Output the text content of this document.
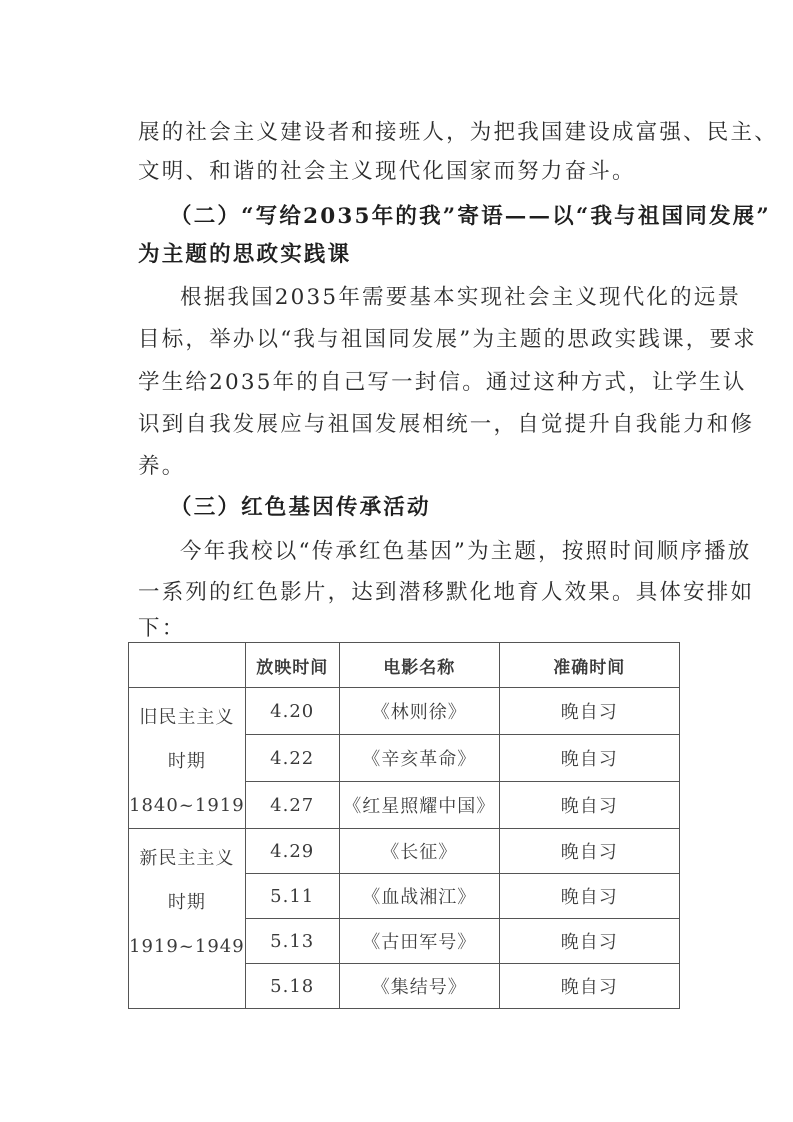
展的社会主义建设者和接班人，为把我国建设成富强、民主、
文明、和谐的社会主义现代化国家而努力奋斗。
（二）“写给2035年的我”寄语——以“我与祖国同发展”
为主题的思政实践课
根据我国2035年需要基本实现社会主义现代化的远景
目标，举办以“我与祖国同发展”为主题的思政实践课，要求
学生给2035年的自己写一封信。通过这种方式，让学生认
识到自我发展应与祖国发展相统一，自觉提升自我能力和修
养。
（三）红色基因传承活动
今年我校以“传承红色基因”为主题，按照时间顺序播放
一系列的红色影片，达到潜移默化地育人效果。具体安排如
下：
	放映时间	电影名称	准确时间

旧民主主义
时期
1840~1919	4.20	《林则徐》	晚自习
	4.22	《辛亥革命》	晚自习
	4.27	《红星照耀中国》	晚自习

新民主主义
时期
1919~1949	4.29	《长征》	晚自习
	5.11	《血战湘江》	晚自习
	5.13	《古田军号》	晚自习
	5.18	《集结号》	晚自习
